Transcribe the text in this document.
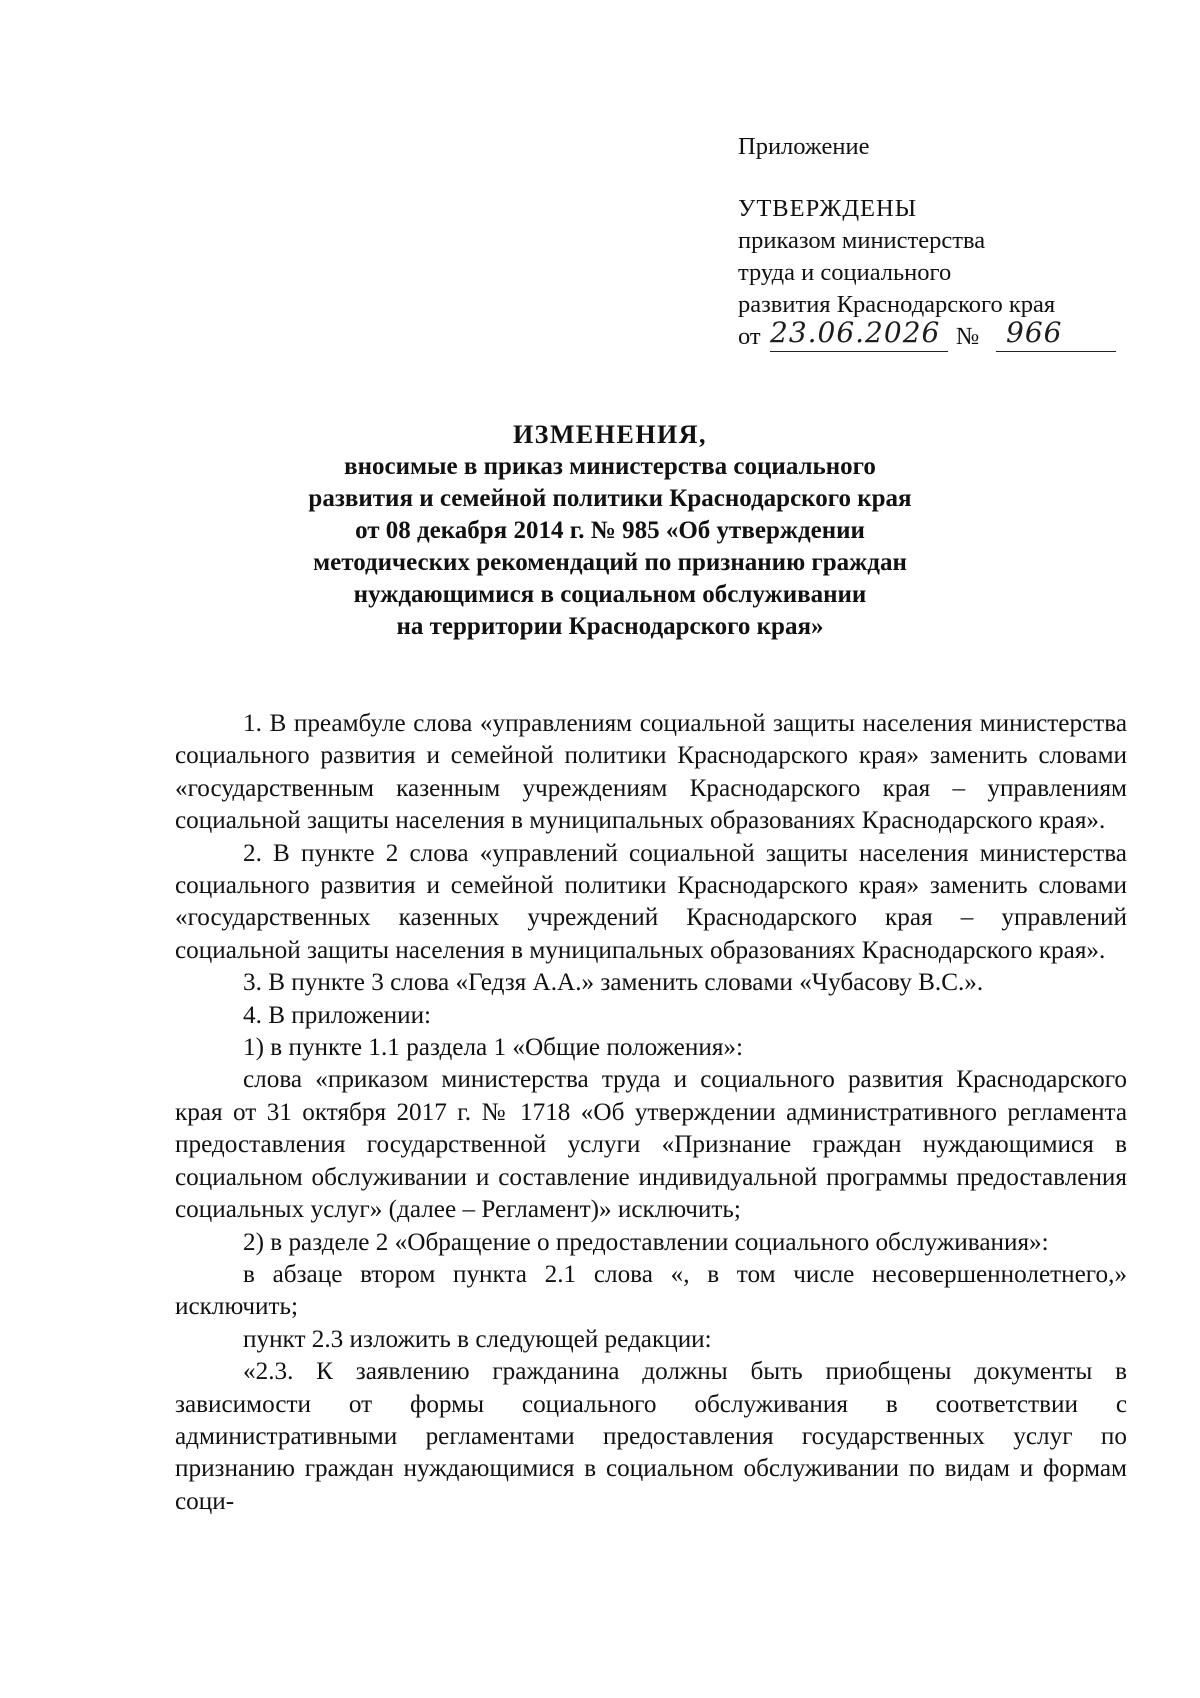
Приложение
УТВЕРЖДЕНЫ
приказом министерства
труда и социального
развития Краснодарского края
от 23.06.2026 № 966
ИЗМЕНЕНИЯ,
вносимые в приказ министерства социального
развития и семейной политики Краснодарского края
от 08 декабря 2014 г. № 985 «Об утверждении
методических рекомендаций по признанию граждан
нуждающимися в социальном обслуживании
на территории Краснодарского края»

1. В преамбуле слова «управлениям социальной защиты населения министерства социального развития и семейной политики Краснодарского края» заменить словами «государственным казенным учреждениям Краснодарского края – управлениям социальной защиты населения в муниципальных образованиях Краснодарского края».

2. В пункте 2 слова «управлений социальной защиты населения министерства социального развития и семейной политики Краснодарского края» заменить словами «государственных казенных учреждений Краснодарского края – управлений социальной защиты населения в муниципальных образованиях Краснодарского края».

3. В пункте 3 слова «Гедзя А.А.» заменить словами «Чубасову В.С.».

4. В приложении:

1) в пункте 1.1 раздела 1 «Общие положения»:

слова «приказом министерства труда и социального развития Краснодарского края от 31 октября 2017 г. № 1718 «Об утверждении административного регламента предоставления государственной услуги «Признание граждан нуждающимися в социальном обслуживании и составление индивидуальной программы предоставления социальных услуг» (далее – Регламент)» исключить;

2) в разделе 2 «Обращение о предоставлении социального обслуживания»:

в абзаце втором пункта 2.1 слова «, в том числе несовершеннолетнего,» исключить;

пункт 2.3 изложить в следующей редакции:

«2.3. К заявлению гражданина должны быть приобщены документы в зависимости от формы социального обслуживания в соответствии с административными регламентами предоставления государственных услуг по признанию граждан нуждающимися в социальном обслуживании по видам и формам соци-
